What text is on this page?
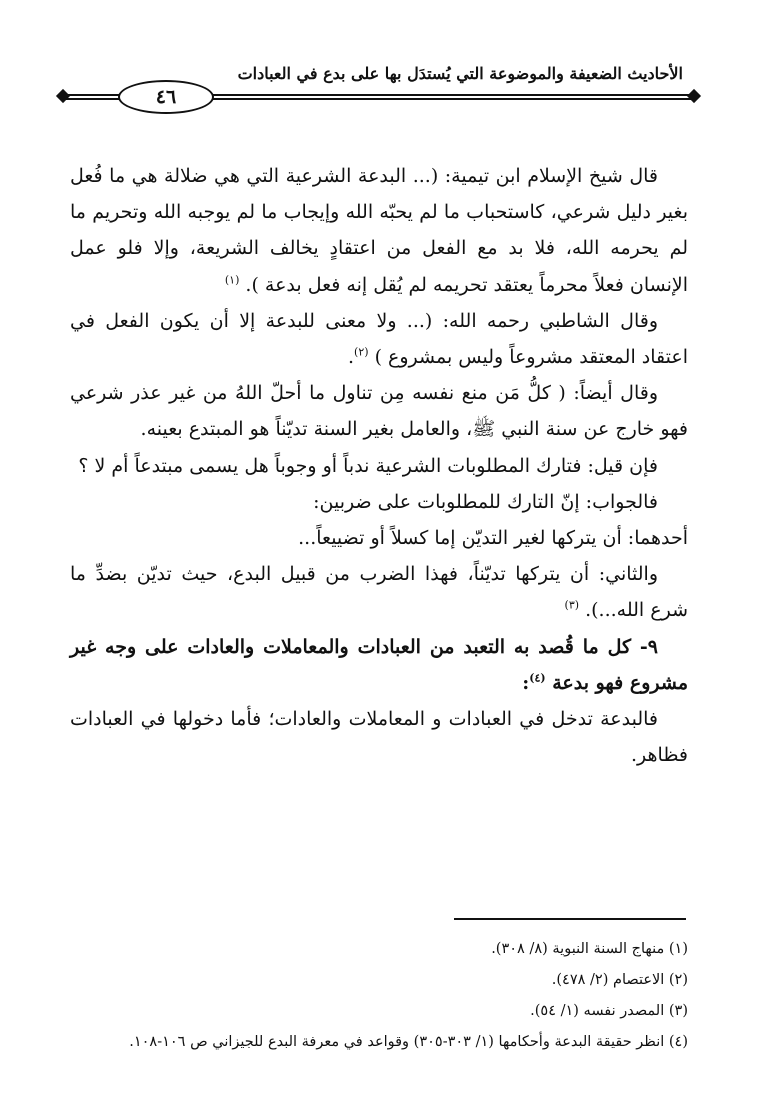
الأحاديث الضعيفة والموضوعة التي يُستدَل بها على بدع في العبادات
٤٦

قال شيخ الإسلام ابن تيمية: (... البدعة الشرعية التي هي ضلالة هي ما فُعل بغير دليل شرعي، كاستحباب ما لم يحبّه الله وإيجاب ما لم يوجبه الله وتحريم ما لم يحرمه الله، فلا بد مع الفعل من اعتقادٍ يخالف الشريعة، وإلا فلو عمل الإنسان فعلاً محرماً يعتقد تحريمه لم يُقل إنه فعل بدعة ). $^{(١)}$

وقال الشاطبي رحمه الله: (... ولا معنى للبدعة إلا أن يكون الفعل في اعتقاد المعتقد مشروعاً وليس بمشروع ) $^{(٢)}$.

وقال أيضاً: ( كلُّ مَن منع نفسه مِن تناول ما أحلّ اللهُ من غير عذر شرعي فهو خارج عن سنة النبي ﷺ، والعامل بغير السنة تديّناً هو المبتدع بعينه.

فإن قيل: فتارك المطلوبات الشرعية ندباً أو وجوباً هل يسمى مبتدعاً أم لا ؟

فالجواب: إنّ التارك للمطلوبات على ضربين:

أحدهما: أن يتركها لغير التديّن إما كسلاً أو تضييعاً...

والثاني: أن يتركها تديّناً، فهذا الضرب من قبيل البدع، حيث تديّن بضدِّ ما شرع الله...). $^{(٣)}$

٩- كل ما قُصد به التعبد من العبادات والمعاملات والعادات على وجه غير مشروع فهو بدعة $^{(٤)}$:

فالبدعة تدخل في العبادات و المعاملات والعادات؛ فأما دخولها في العبادات فظاهر.

(١) منهاج السنة النبوية (٨/ ٣٠٨).

(٢) الاعتصام (٢/ ٤٧٨).

(٣) المصدر نفسه (١/ ٥٤).

(٤) انظر حقيقة البدعة وأحكامها (١/ ٣٠٣-٣٠٥) وقواعد في معرفة البدع للجيزاني ص ١٠٦-١٠٨.
